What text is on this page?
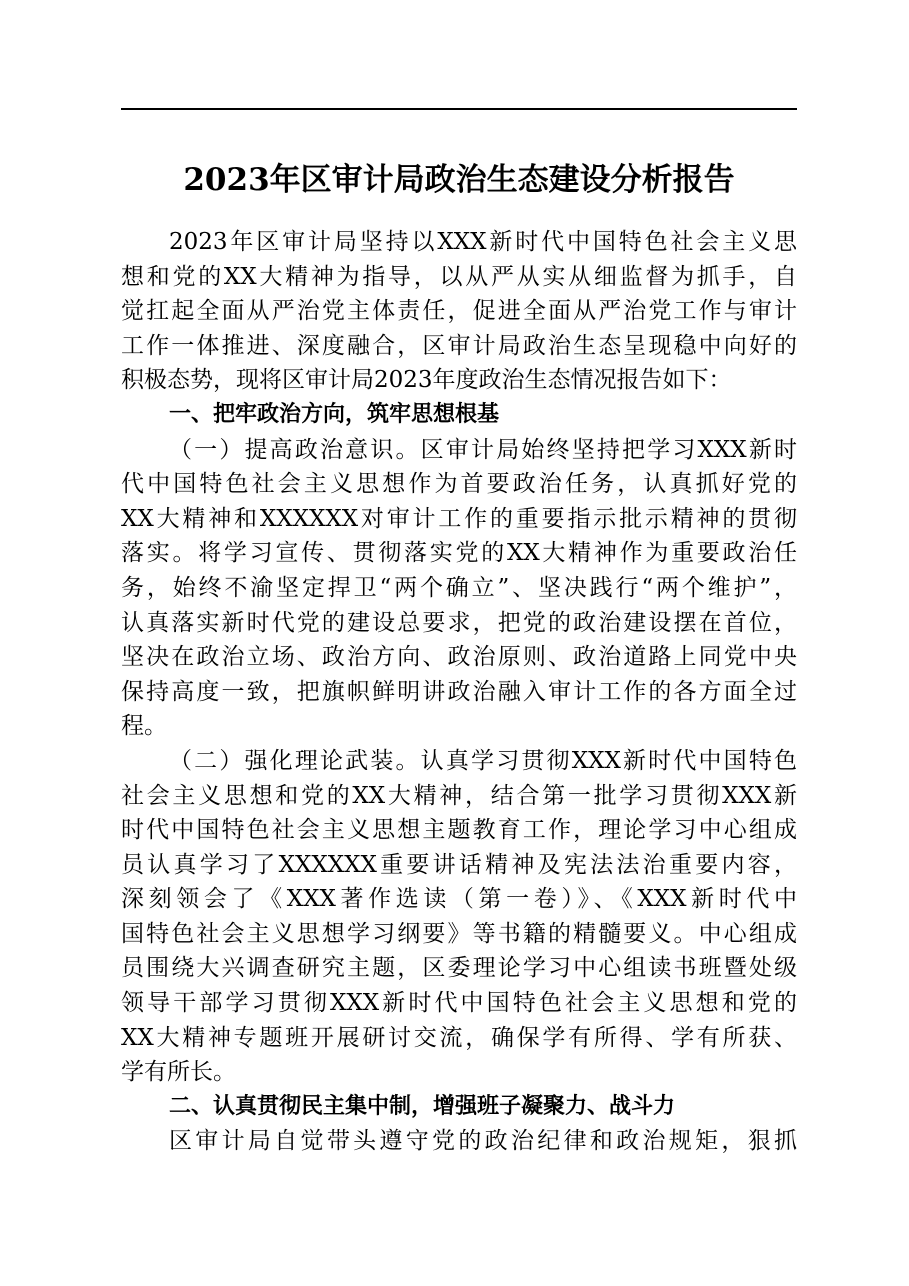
2023年区审计局政治生态建设分析报告
2023年区审计局坚持以XXX新时代中国特色社会主义思
想和党的XX大精神为指导，以从严从实从细监督为抓手，自
觉扛起全面从严治党主体责任，促进全面从严治党工作与审计
工作一体推进、深度融合，区审计局政治生态呈现稳中向好的
积极态势，现将区审计局2023年度政治生态情况报告如下：
一、把牢政治方向，筑牢思想根基
（一）提高政治意识。区审计局始终坚持把学习XXX新时
代中国特色社会主义思想作为首要政治任务，认真抓好党的
XX大精神和XXXXXX对审计工作的重要指示批示精神的贯彻
落实。将学习宣传、贯彻落实党的XX大精神作为重要政治任
务，始终不渝坚定捍卫“两个确立”、坚决践行“两个维护”，
认真落实新时代党的建设总要求，把党的政治建设摆在首位，
坚决在政治立场、政治方向、政治原则、政治道路上同党中央
保持高度一致，把旗帜鲜明讲政治融入审计工作的各方面全过
程。
（二）强化理论武装。认真学习贯彻XXX新时代中国特色
社会主义思想和党的XX大精神，结合第一批学习贯彻XXX新
时代中国特色社会主义思想主题教育工作，理论学习中心组成
员认真学习了XXXXXX重要讲话精神及宪法法治重要内容，
深刻领会了《XXX著作选读（第一卷）》、《XXX新时代中
国特色社会主义思想学习纲要》等书籍的精髓要义。中心组成
员围绕大兴调查研究主题，区委理论学习中心组读书班暨处级
领导干部学习贯彻XXX新时代中国特色社会主义思想和党的
XX大精神专题班开展研讨交流，确保学有所得、学有所获、
学有所长。
二、认真贯彻民主集中制，增强班子凝聚力、战斗力
区审计局自觉带头遵守党的政治纪律和政治规矩，狠抓
